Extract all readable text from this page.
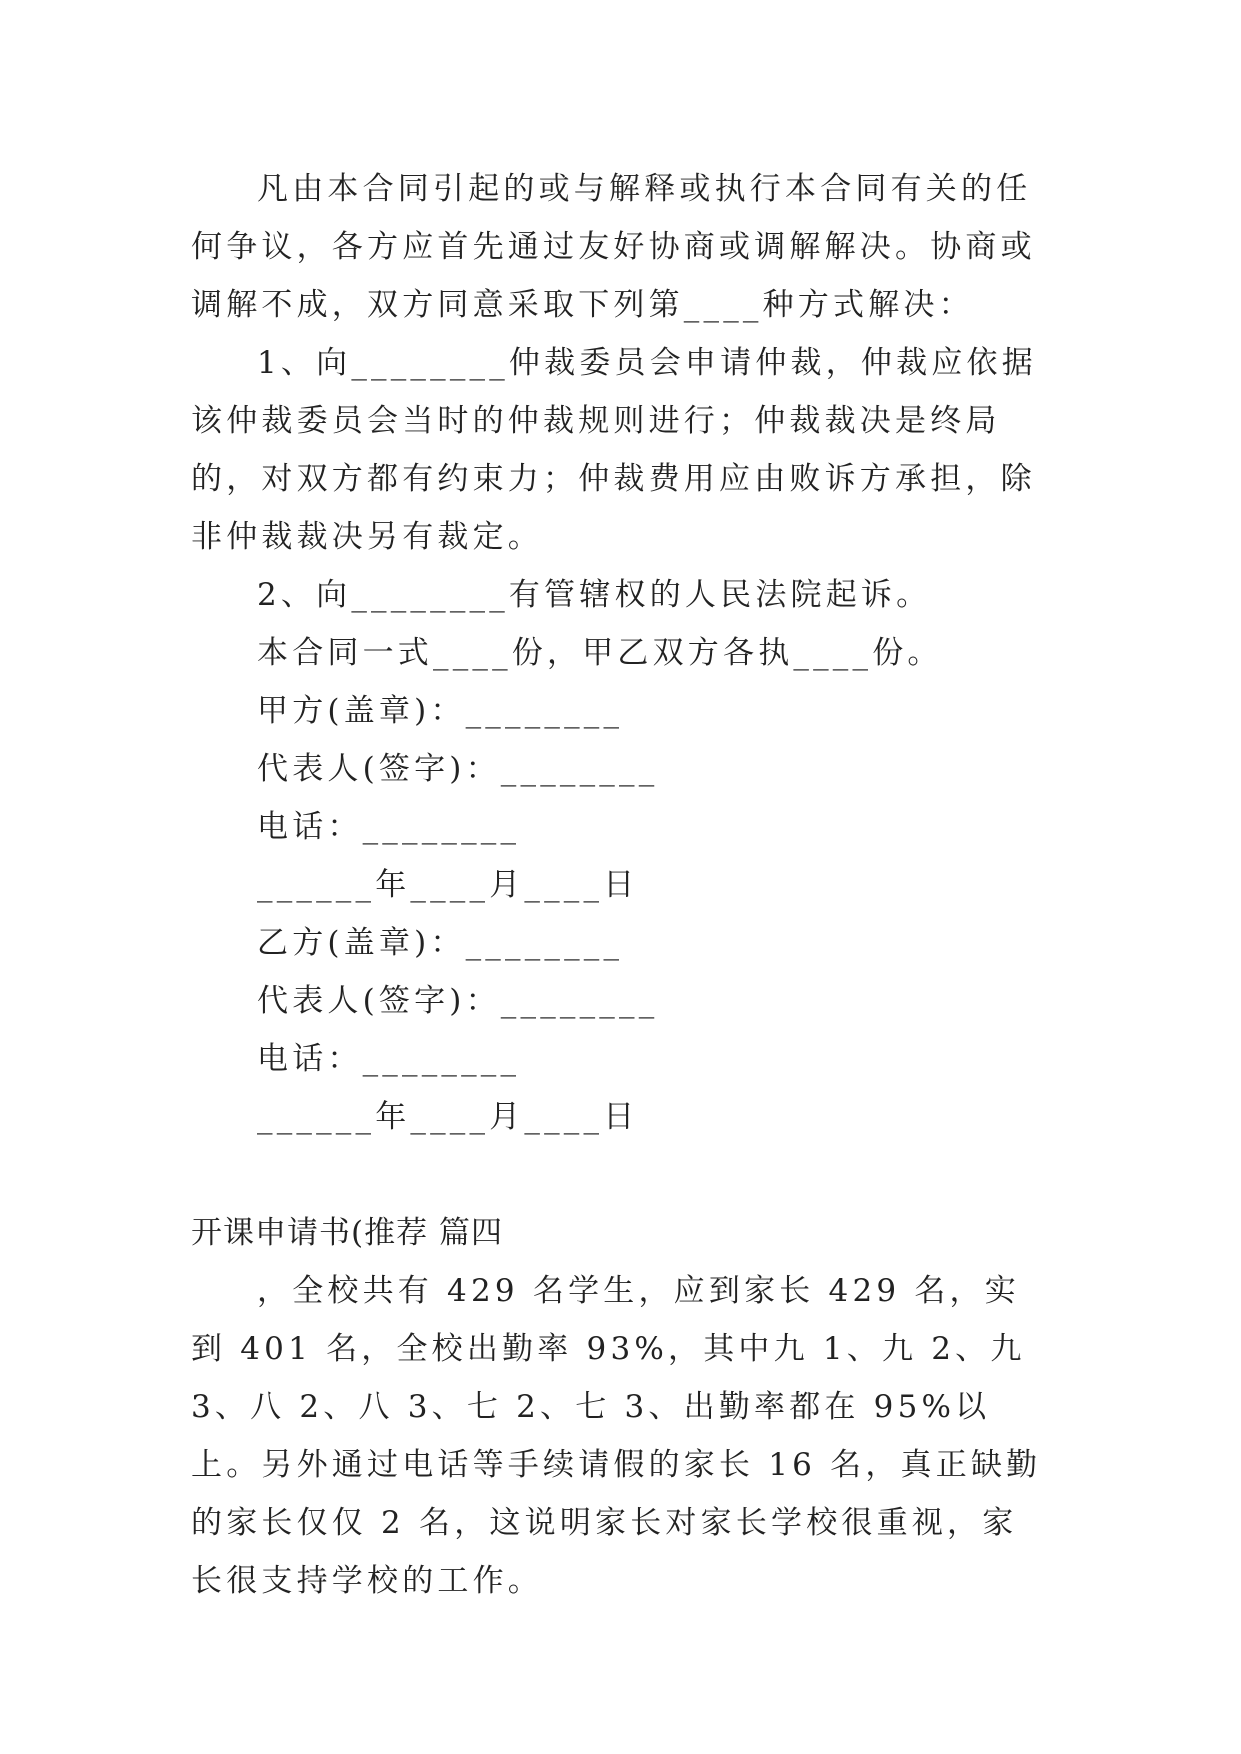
凡由本合同引起的或与解释或执行本合同有关的任何争议，各方应首先通过友好协商或调解解决。协商或调解不成，双方同意采取下列第____种方式解决：

1、向________仲裁委员会申请仲裁，仲裁应依据该仲裁委员会当时的仲裁规则进行；仲裁裁决是终局的，对双方都有约束力；仲裁费用应由败诉方承担，除非仲裁裁决另有裁定。

2、向________有管辖权的人民法院起诉。

本合同一式____份，甲乙双方各执____份。

甲方(盖章)：________

代表人(签字)：________

电话：________

______年____月____日

乙方(盖章)：________

代表人(签字)：________

电话：________

______年____月____日

开课申请书(推荐 篇四

，全校共有 429 名学生，应到家长 429 名，实到 401 名，全校出勤率 93%，其中九 1、九 2、九 3、八 2、八 3、七 2、七 3、出勤率都在 95%以上。另外通过电话等手续请假的家长 16 名，真正缺勤的家长仅仅 2 名，这说明家长对家长学校很重视，家长很支持学校的工作。
